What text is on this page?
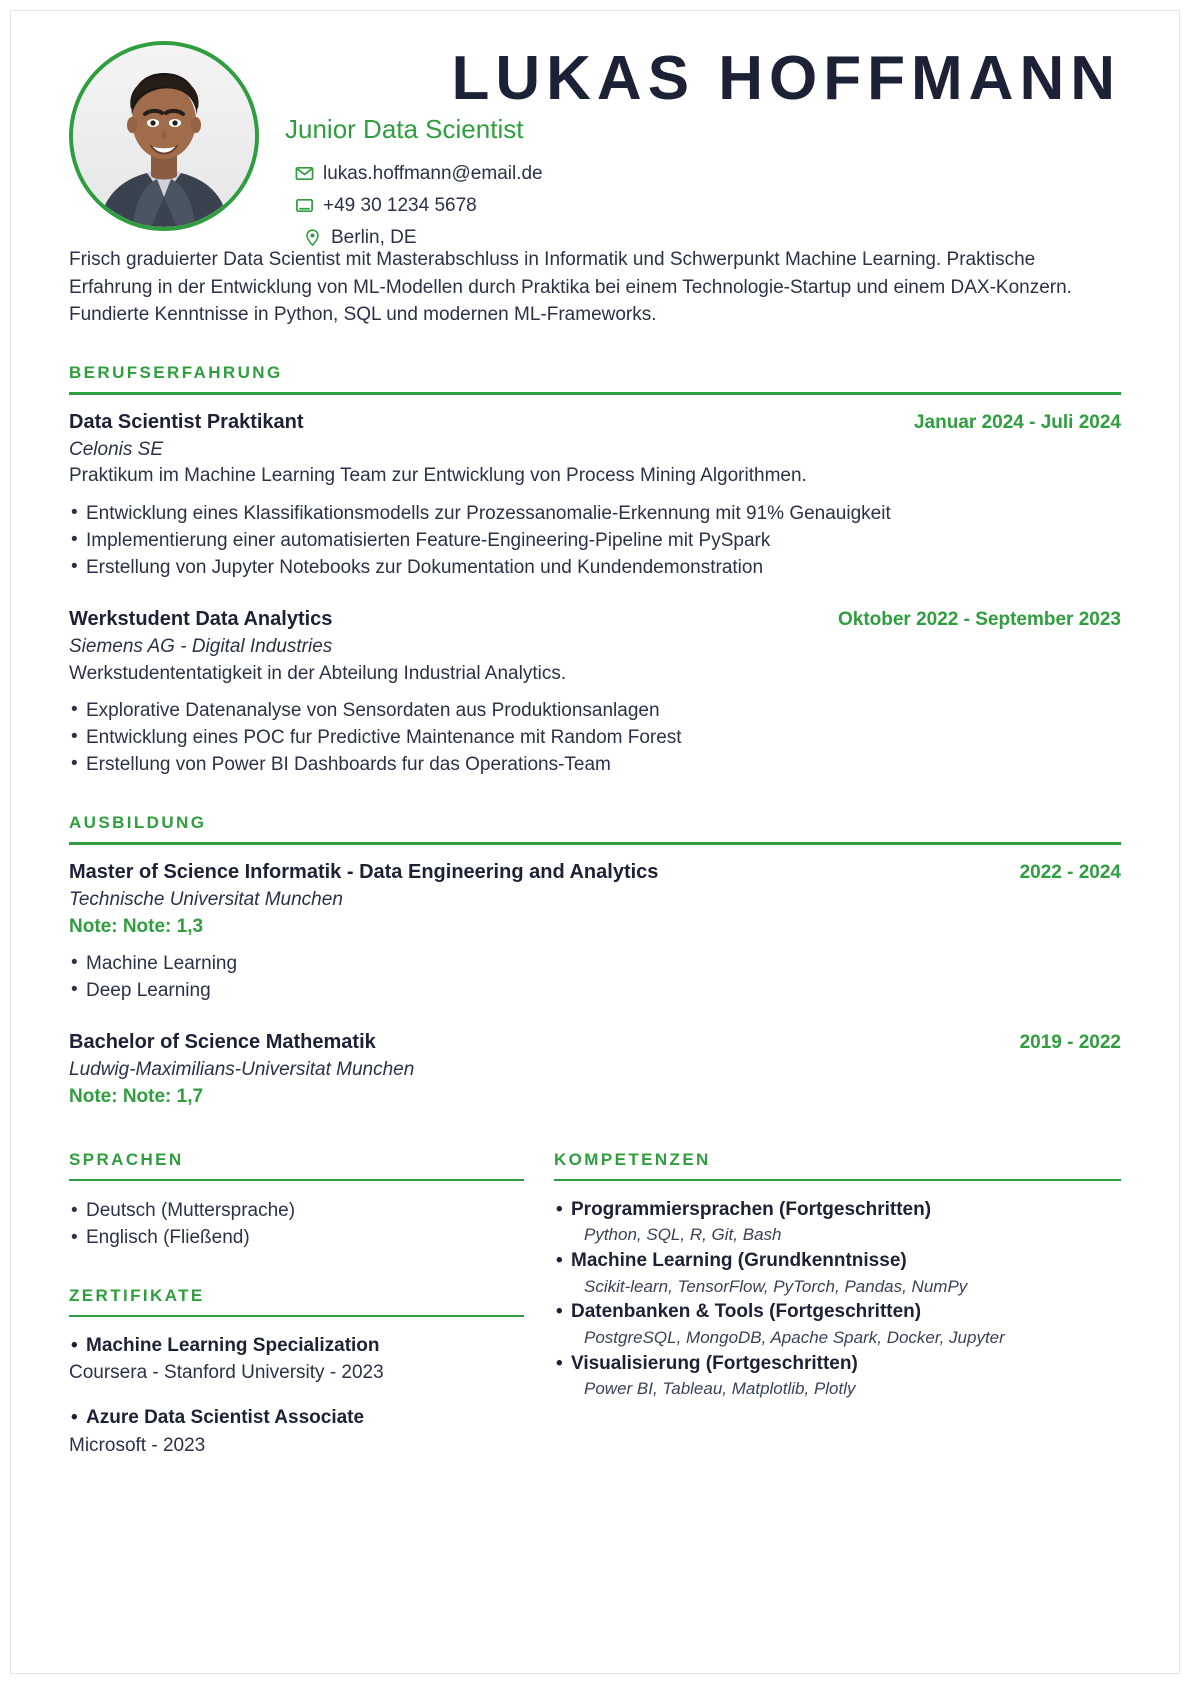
LUKAS HOFFMANN
Junior Data Scientist
lukas.hoffmann@email.de
+49 30 1234 5678
Berlin, DE

Frisch graduierter Data Scientist mit Masterabschluss in Informatik und Schwerpunkt Machine Learning. Praktische Erfahrung in der Entwicklung von ML-Modellen durch Praktika bei einem Technologie-Startup und einem DAX-Konzern. Fundierte Kenntnisse in Python, SQL und modernen ML-Frameworks.

BERUFSERFAHRUNG
Data Scientist Praktikant	Januar 2024 - Juli 2024
Celonis SE
Praktikum im Machine Learning Team zur Entwicklung von Process Mining Algorithmen.
• Entwicklung eines Klassifikationsmodells zur Prozessanomalie-Erkennung mit 91% Genauigkeit
• Implementierung einer automatisierten Feature-Engineering-Pipeline mit PySpark
• Erstellung von Jupyter Notebooks zur Dokumentation und Kundendemonstration
Werkstudent Data Analytics	Oktober 2022 - September 2023
Siemens AG - Digital Industries
Werkstudententatigkeit in der Abteilung Industrial Analytics.
• Explorative Datenanalyse von Sensordaten aus Produktionsanlagen
• Entwicklung eines POC fur Predictive Maintenance mit Random Forest
• Erstellung von Power BI Dashboards fur das Operations-Team
AUSBILDUNG
Master of Science Informatik - Data Engineering and Analytics	2022 - 2024
Technische Universitat Munchen
Note: Note: 1,3
• Machine Learning
• Deep Learning
Bachelor of Science Mathematik	2019 - 2022
Ludwig-Maximilians-Universitat Munchen
Note: Note: 1,7
SPRACHEN
• Deutsch (Muttersprache)
• Englisch (Fließend)
ZERTIFIKATE
• Machine Learning Specialization
Coursera - Stanford University - 2023
• Azure Data Scientist Associate
Microsoft - 2023
KOMPETENZEN
• Programmiersprachen (Fortgeschritten)
Python, SQL, R, Git, Bash
• Machine Learning (Grundkenntnisse)
Scikit-learn, TensorFlow, PyTorch, Pandas, NumPy
• Datenbanken & Tools (Fortgeschritten)
PostgreSQL, MongoDB, Apache Spark, Docker, Jupyter
• Visualisierung (Fortgeschritten)
Power BI, Tableau, Matplotlib, Plotly
